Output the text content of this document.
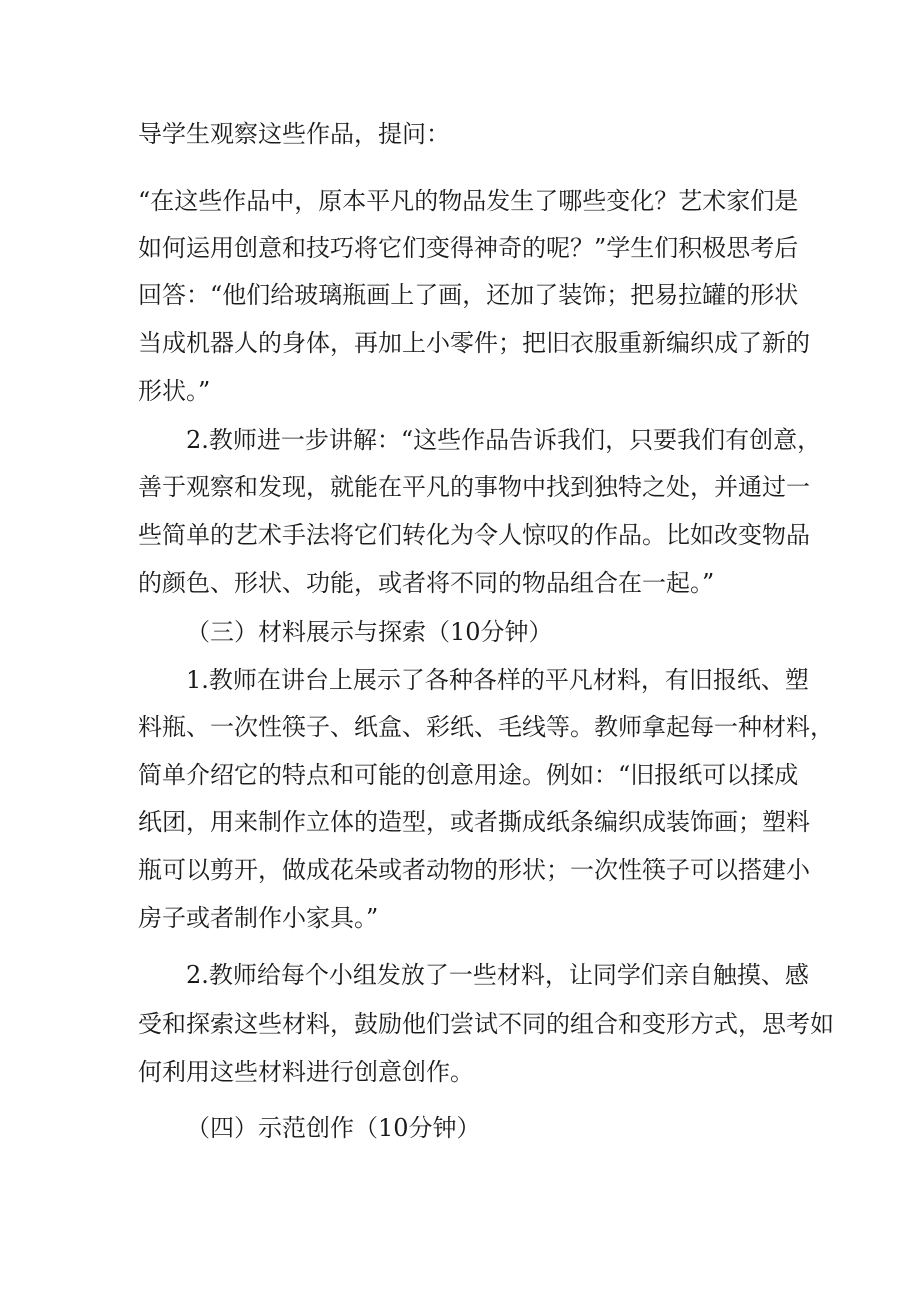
导学生观察这些作品，提问：
“在这些作品中，原本平凡的物品发生了哪些变化？艺术家们是
如何运用创意和技巧将它们变得神奇的呢？”学生们积极思考后
回答：“他们给玻璃瓶画上了画，还加了装饰；把易拉罐的形状
当成机器人的身体，再加上小零件；把旧衣服重新编织成了新的
形状。”
2.教师进一步讲解：“这些作品告诉我们，只要我们有创意，
善于观察和发现，就能在平凡的事物中找到独特之处，并通过一
些简单的艺术手法将它们转化为令人惊叹的作品。比如改变物品
的颜色、形状、功能，或者将不同的物品组合在一起。”
（三）材料展示与探索（10分钟）
1.教师在讲台上展示了各种各样的平凡材料，有旧报纸、塑
料瓶、一次性筷子、纸盒、彩纸、毛线等。教师拿起每一种材料，
简单介绍它的特点和可能的创意用途。例如：“旧报纸可以揉成
纸团，用来制作立体的造型，或者撕成纸条编织成装饰画；塑料
瓶可以剪开，做成花朵或者动物的形状；一次性筷子可以搭建小
房子或者制作小家具。”
2.教师给每个小组发放了一些材料，让同学们亲自触摸、感
受和探索这些材料，鼓励他们尝试不同的组合和变形方式，思考如
何利用这些材料进行创意创作。
（四）示范创作（10分钟）
